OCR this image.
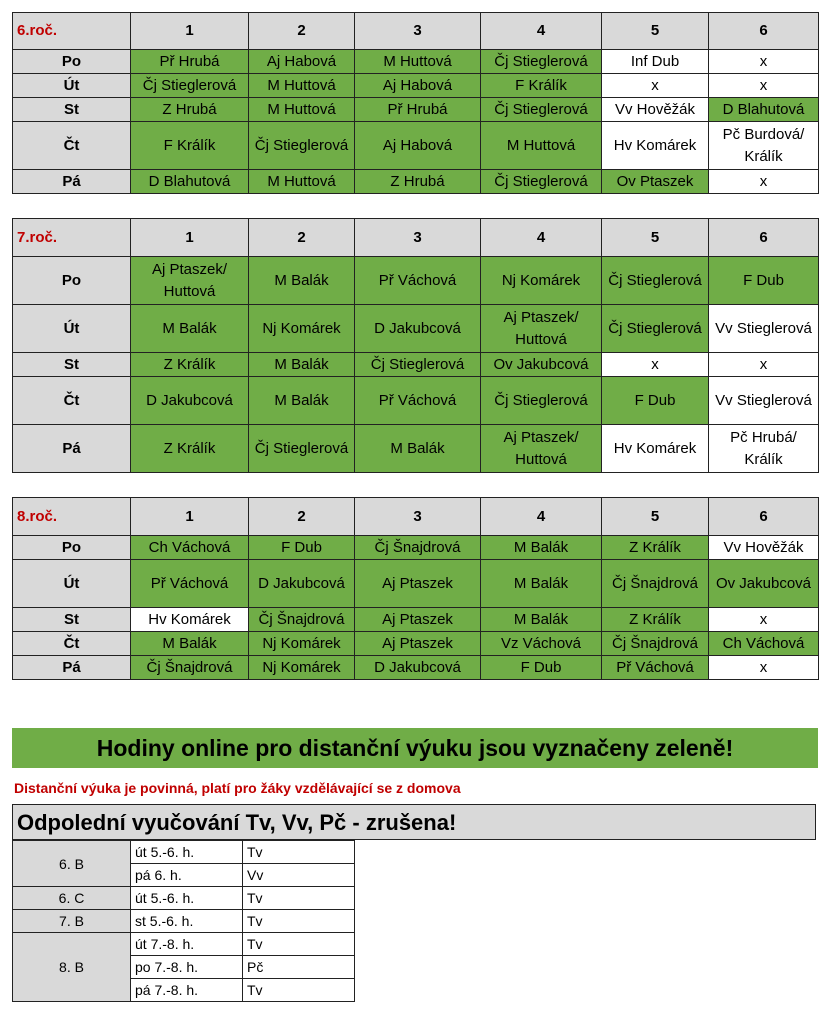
6.roč.	1	2	3	4	5	6
Po	Př Hrubá	Aj Habová	M Huttová	Čj Stieglerová	Inf Dub	x
Út	Čj Stieglerová	M Huttová	Aj Habová	F Králík	x	x
St	Z Hrubá	M Huttová	Př Hrubá	Čj Stieglerová	Vv Hověžák	D Blahutová
Čt	F Králík	Čj Stieglerová	Aj Habová	M Huttová	Hv Komárek	Pč Burdová/ Králík
Pá	D Blahutová	M Huttová	Z Hrubá	Čj Stieglerová	Ov Ptaszek	x
7.roč.	1	2	3	4	5	6
Po	Aj Ptaszek/ Huttová	M Balák	Př Váchová	Nj Komárek	Čj Stieglerová	F Dub
Út	M Balák	Nj Komárek	D Jakubcová	Aj Ptaszek/ Huttová	Čj Stieglerová	Vv Stieglerová
St	Z Králík	M Balák	Čj Stieglerová	Ov Jakubcová	x	x
Čt	D Jakubcová	M Balák	Př Váchová	Čj Stieglerová	F Dub	Vv Stieglerová
Pá	Z Králík	Čj Stieglerová	M Balák	Aj Ptaszek/ Huttová	Hv Komárek	Pč Hrubá/ Králík
8.roč.	1	2	3	4	5	6
Po	Ch Váchová	F Dub	Čj Šnajdrová	M Balák	Z Králík	Vv Hověžák
Út	Př Váchová	D Jakubcová	Aj Ptaszek	M Balák	Čj Šnajdrová	Ov Jakubcová
St	Hv Komárek	Čj Šnajdrová	Aj Ptaszek	M Balák	Z Králík	x
Čt	M Balák	Nj Komárek	Aj Ptaszek	Vz Váchová	Čj Šnajdrová	Ch Váchová
Pá	Čj Šnajdrová	Nj Komárek	D Jakubcová	F Dub	Př Váchová	x
Hodiny online pro distanční výuku jsou vyznačeny zeleně!
Distanční výuka je povinná, platí pro žáky vzdělávající se z domova
Odpolední vyučování Tv, Vv, Pč - zrušena!
6. B	út 5.-6. h.	Tv
	pá 6. h.	Vv
6. C	út 5.-6. h.	Tv
7. B	st 5.-6. h.	Tv
8. B	út 7.-8. h.	Tv
	po 7.-8. h.	Pč
	pá 7.-8. h.	Tv
